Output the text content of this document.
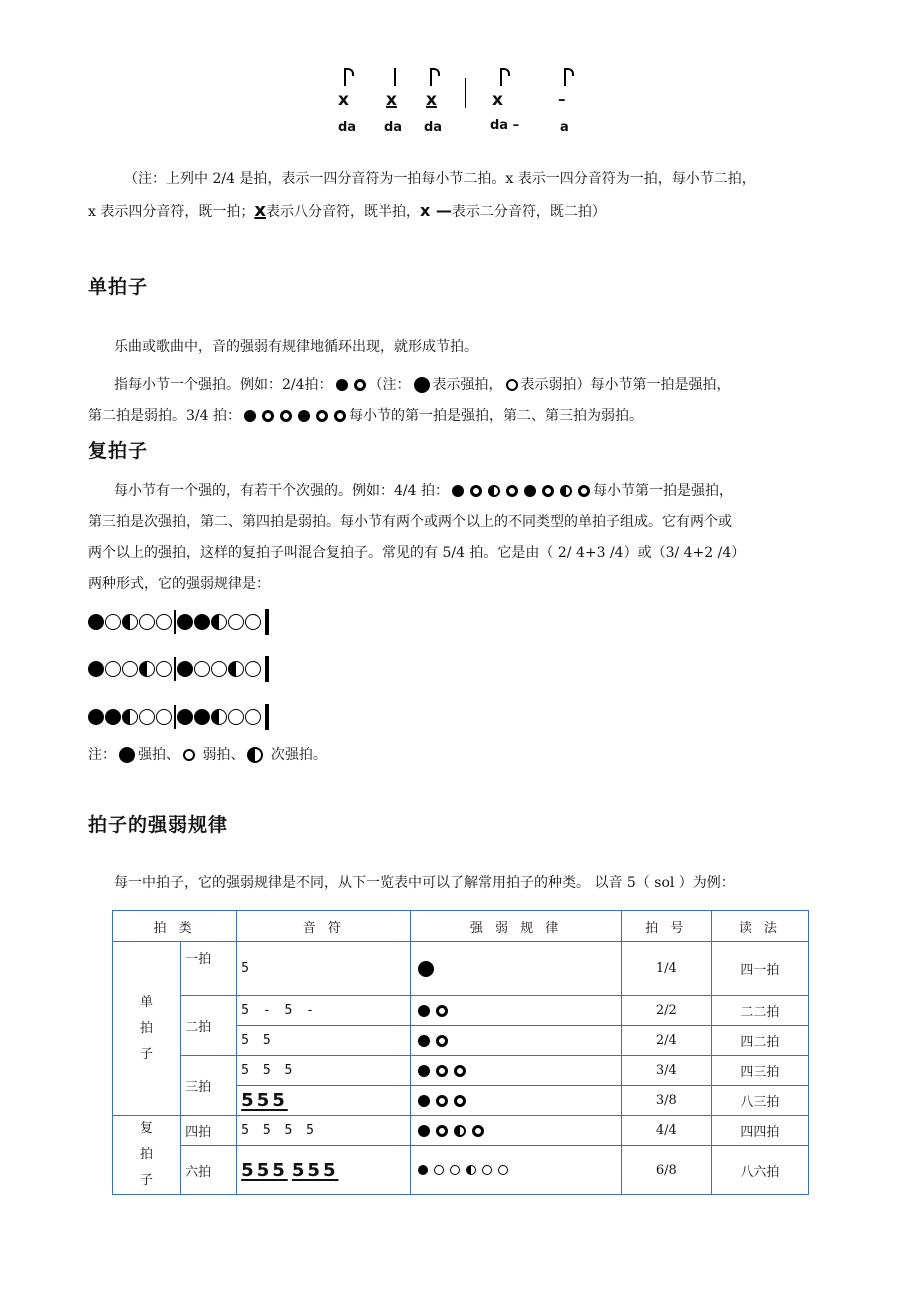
x x x	x	–
da da da	da –	a
（注：上列中 2/4 是拍，表示一四分音符为一拍每小节二拍。x 表示一四分音符为一拍，每小节二拍，
x 表示四分音符，既一拍；x表示八分音符，既半拍，x —表示二分音符，既二拍）
单拍子
乐曲或歌曲中，音的强弱有规律地循环出现，就形成节拍。
指每小节一个强拍。例如：2/4拍：	（注： 表示强拍， 表示弱拍）每小节第一拍是强拍，
第二拍是弱拍。3/4 拍：	每小节的第一拍是强拍，第二、第三拍为弱拍。
复拍子
每小节有一个强的，有若干个次强的。例如：4/4 拍：	每小节第一拍是强拍，
第三拍是次强拍，第二、第四拍是弱拍。每小节有两个或两个以上的不同类型的单拍子组成。它有两个或
两个以上的强拍，这样的复拍子叫混合复拍子。常见的有 5/4 拍。它是由（ 2/ 4+3 /4）或（3/ 4+2 /4）
两种形式，它的强弱规律是：
注： 强拍、 弱拍、 次强拍。
拍子的强弱规律
每一中拍子，它的强弱规律是不同，从下一览表中可以了解常用拍子的种类。 以音 5（ sol ）为例：
拍 类		音 符	强 弱 规 律	拍 号	读 法

单
拍
子	一拍	5		1/4	四一拍
	二拍	5 - 5 -		2/2	二二拍
		5 5		2/4	四二拍
	三拍	5 5 5		3/4	四三拍
		555		3/8	八三拍

复
拍
子	四拍	5 5 5 5		4/4	四四拍
	六拍	555 555		6/8	八六拍
